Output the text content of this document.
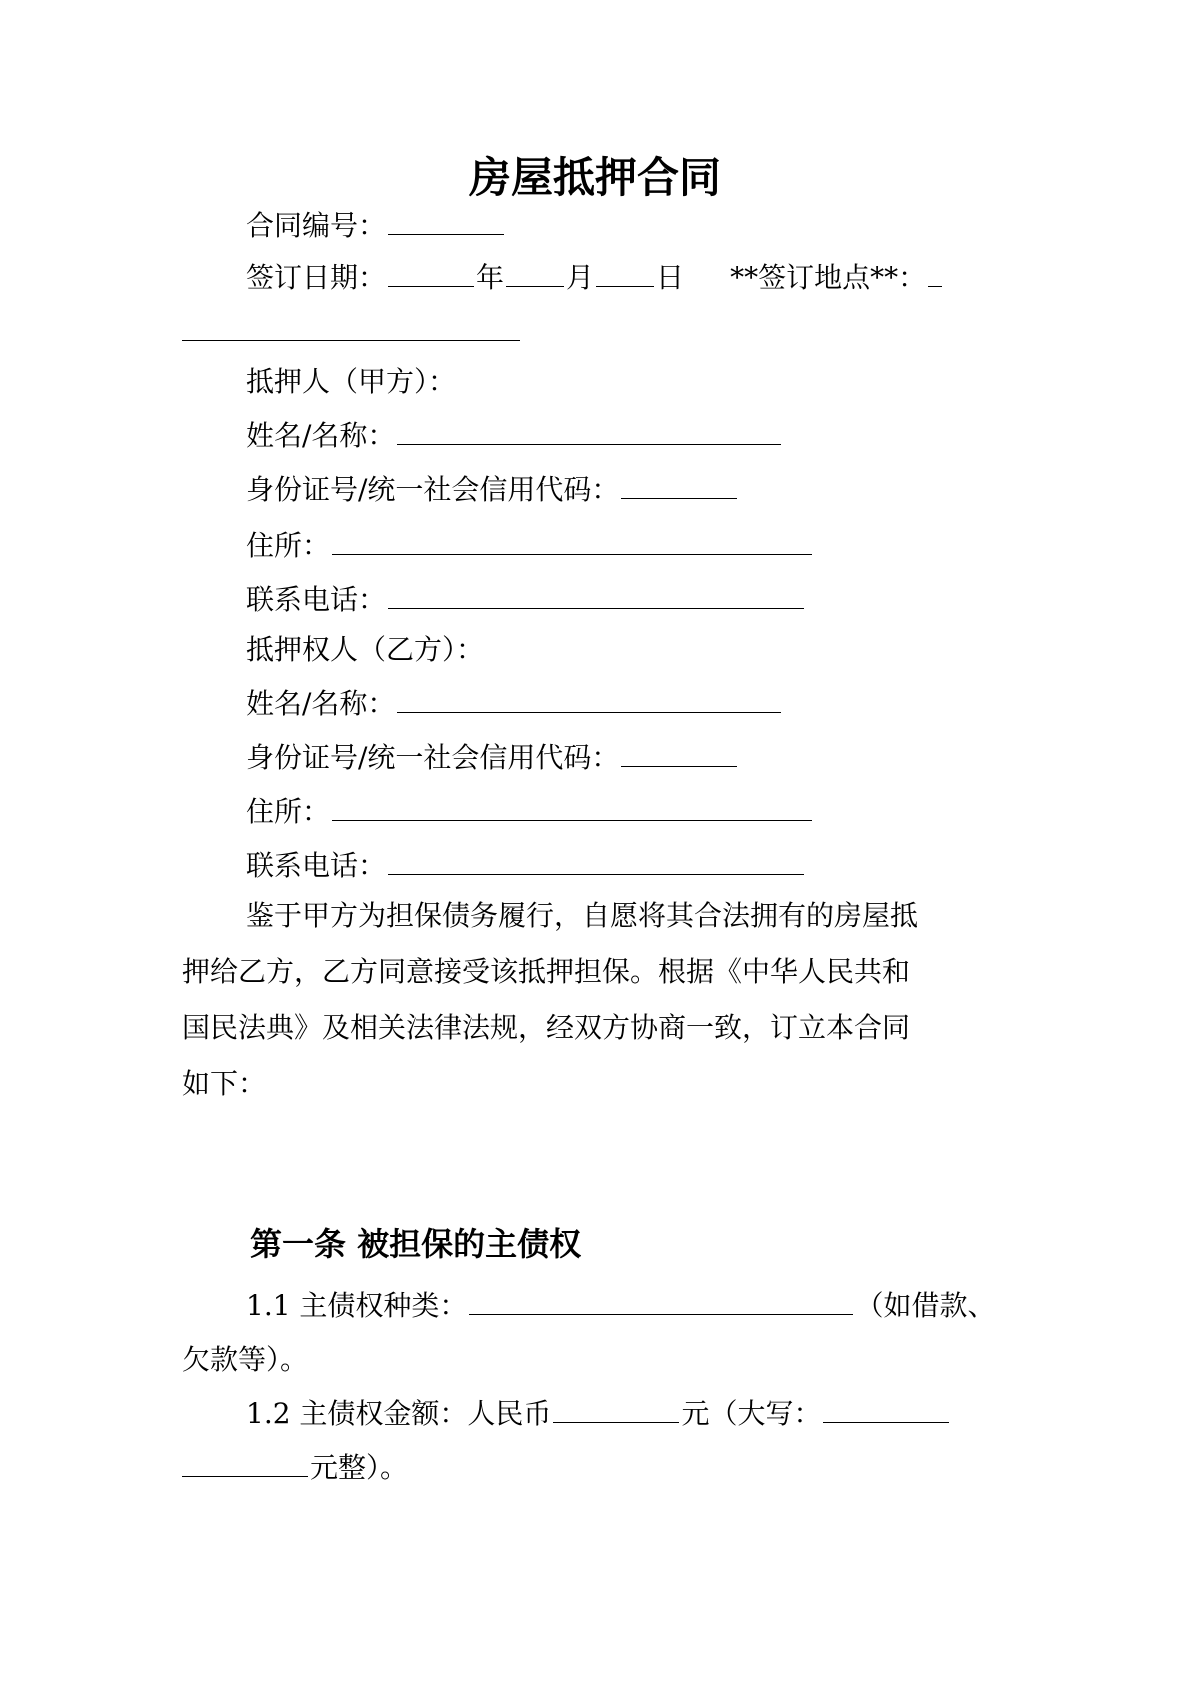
房屋抵押合同
合同编号：
签订日期：	年 月 日 **签订地点**：
抵押人（甲方）：
姓名/名称：
身份证号/统一社会信用代码：
住所：
联系电话：
抵押权人（乙方）：
姓名/名称：
身份证号/统一社会信用代码：
住所：
联系电话：
鉴于甲方为担保债务履行，自愿将其合法拥有的房屋抵
押给乙方，乙方同意接受该抵押担保。根据《中华人民共和
国民法典》及相关法律法规，经双方协商一致，订立本合同
如下：
第一条 被担保的主债权
1.1 主债权种类：	（如借款、
欠款等）。
1.2 主债权金额：人民币	元（大写：
元整）。
